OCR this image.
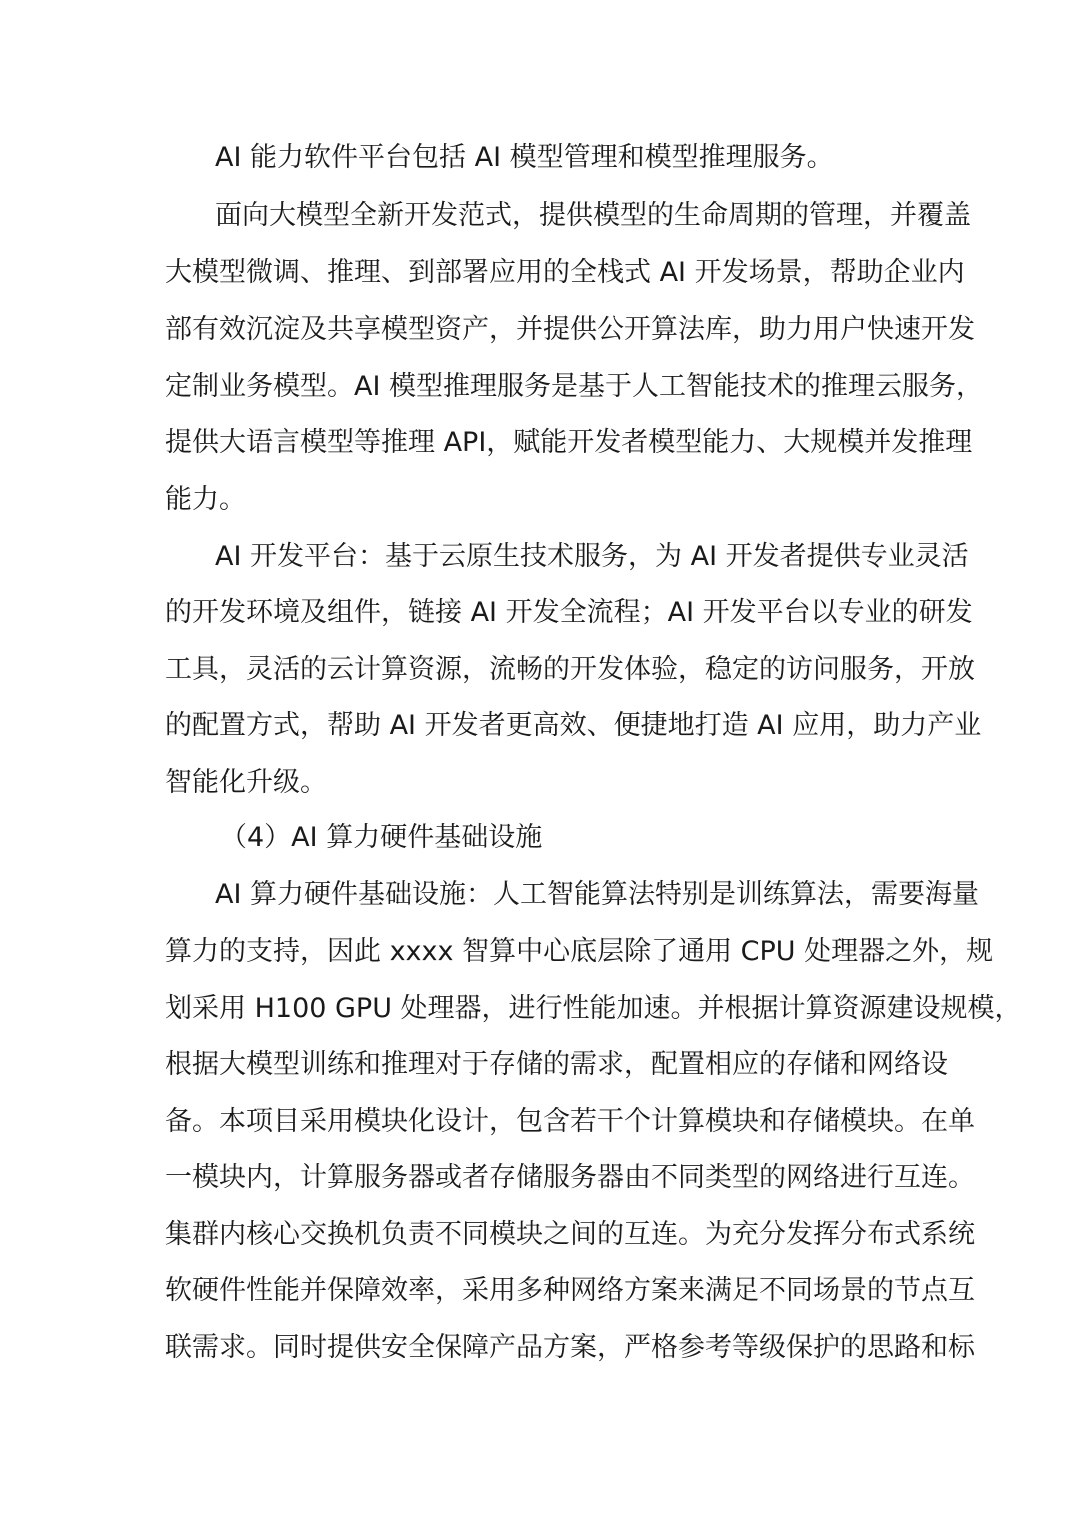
AI 能力软件平台包括 AI 模型管理和模型推理服务。
面向大模型全新开发范式，提供模型的生命周期的管理，并覆盖
大模型微调、推理、到部署应用的全栈式 AI 开发场景，帮助企业内
部有效沉淀及共享模型资产，并提供公开算法库，助力用户快速开发
定制业务模型。AI 模型推理服务是基于人工智能技术的推理云服务，
提供大语言模型等推理 API，赋能开发者模型能力、大规模并发推理
能力。
AI 开发平台：基于云原生技术服务，为 AI 开发者提供专业灵活
的开发环境及组件，链接 AI 开发全流程；AI 开发平台以专业的研发
工具，灵活的云计算资源，流畅的开发体验，稳定的访问服务，开放
的配置方式，帮助 AI 开发者更高效、便捷地打造 AI 应用，助力产业
智能化升级。
（4）AI 算力硬件基础设施
AI 算力硬件基础设施：人工智能算法特别是训练算法，需要海量
算力的支持，因此 xxxx 智算中心底层除了通用 CPU 处理器之外，规
划采用 H100 GPU 处理器，进行性能加速。并根据计算资源建设规模，
根据大模型训练和推理对于存储的需求，配置相应的存储和网络设
备。本项目采用模块化设计，包含若干个计算模块和存储模块。在单
一模块内，计算服务器或者存储服务器由不同类型的网络进行互连。
集群内核心交换机负责不同模块之间的互连。为充分发挥分布式系统
软硬件性能并保障效率，采用多种网络方案来满足不同场景的节点互
联需求。同时提供安全保障产品方案，严格参考等级保护的思路和标
